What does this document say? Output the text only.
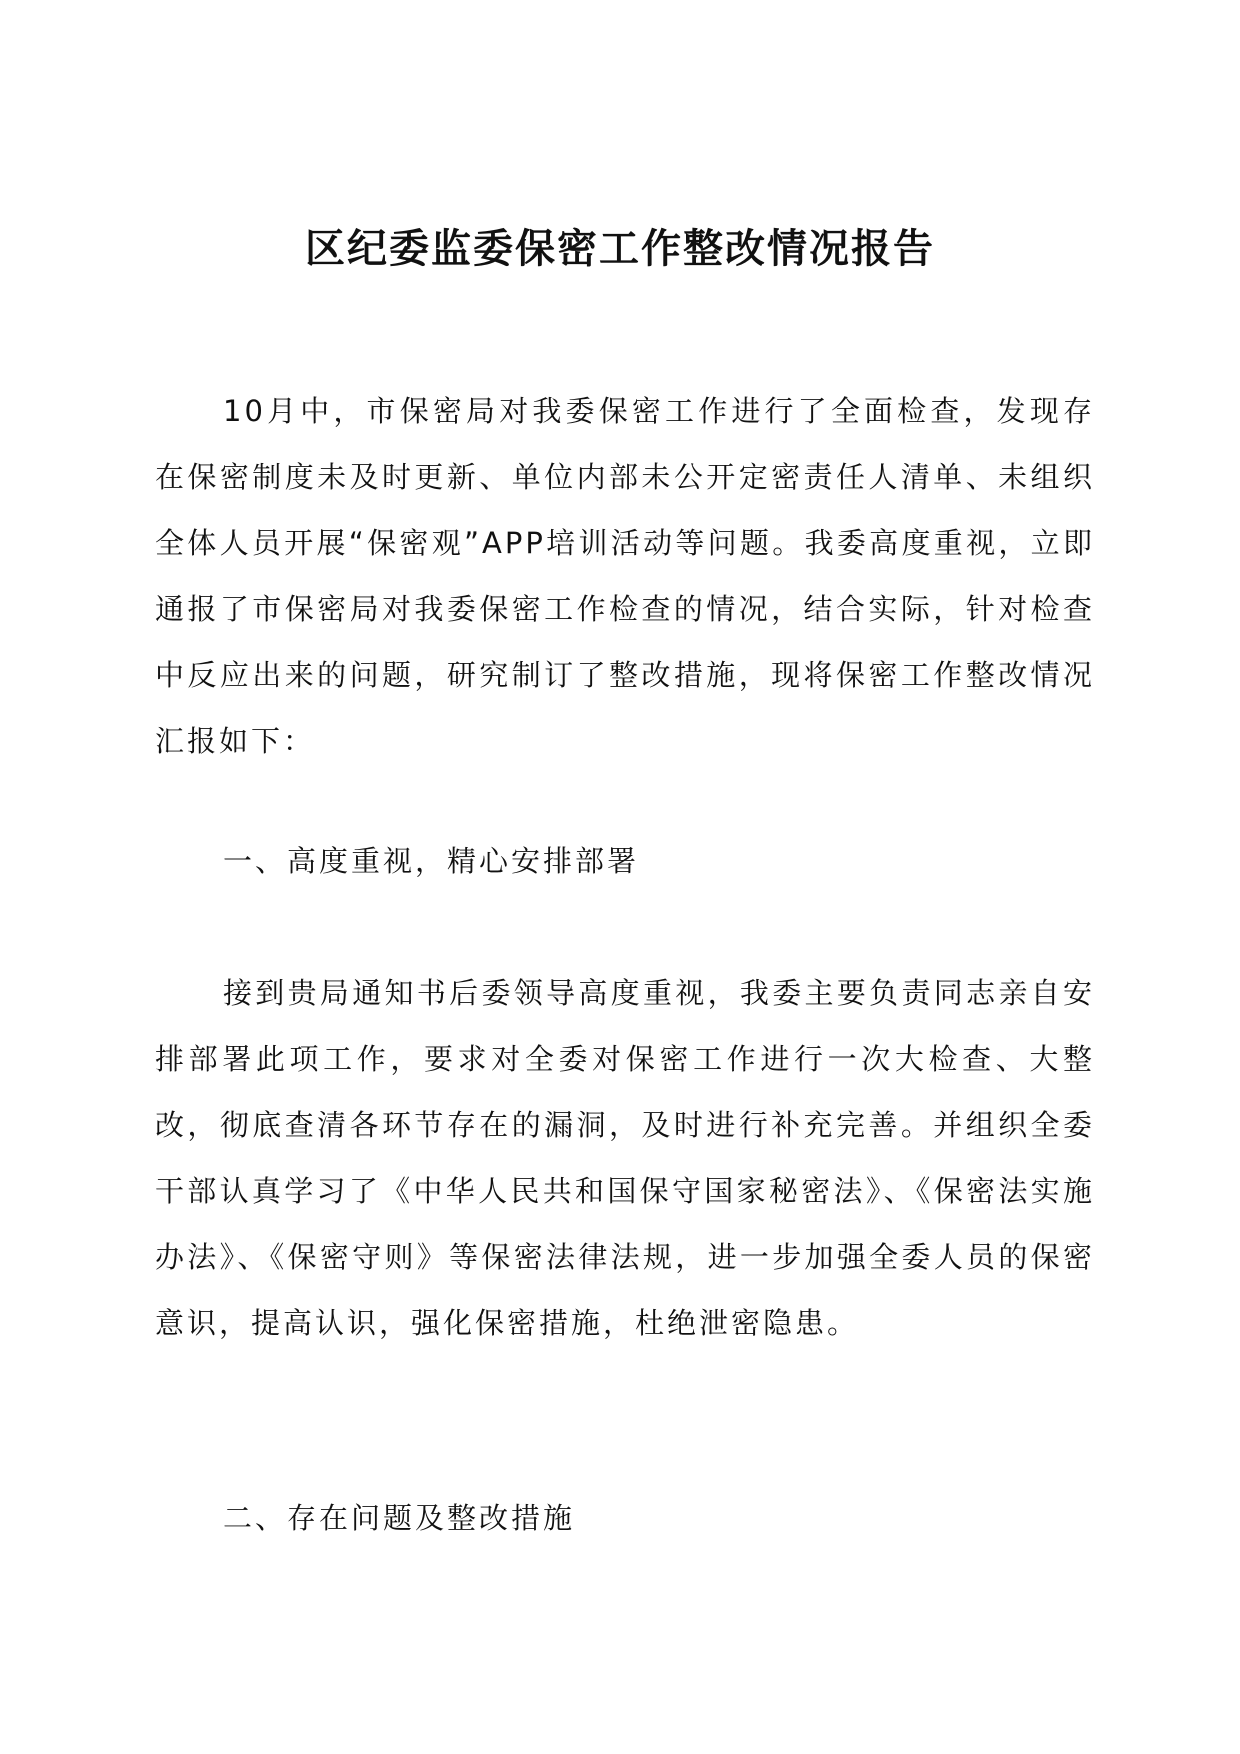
区纪委监委保密工作整改情况报告

10月中，市保密局对我委保密工作进行了全面检查，发现存在保密制度未及时更新、单位内部未公开定密责任人清单、未组织全体人员开展“保密观”APP培训活动等问题。我委高度重视，立即通报了市保密局对我委保密工作检查的情况，结合实际，针对检查中反应出来的问题，研究制订了整改措施，现将保密工作整改情况汇报如下：

一、高度重视，精心安排部署

接到贵局通知书后委领导高度重视，我委主要负责同志亲自安排部署此项工作，要求对全委对保密工作进行一次大检查、大整改，彻底查清各环节存在的漏洞，及时进行补充完善。并组织全委干部认真学习了《中华人民共和国保守国家秘密法》、《保密法实施办法》、《保密守则》等保密法律法规，进一步加强全委人员的保密意识，提高认识，强化保密措施，杜绝泄密隐患。

二、存在问题及整改措施
